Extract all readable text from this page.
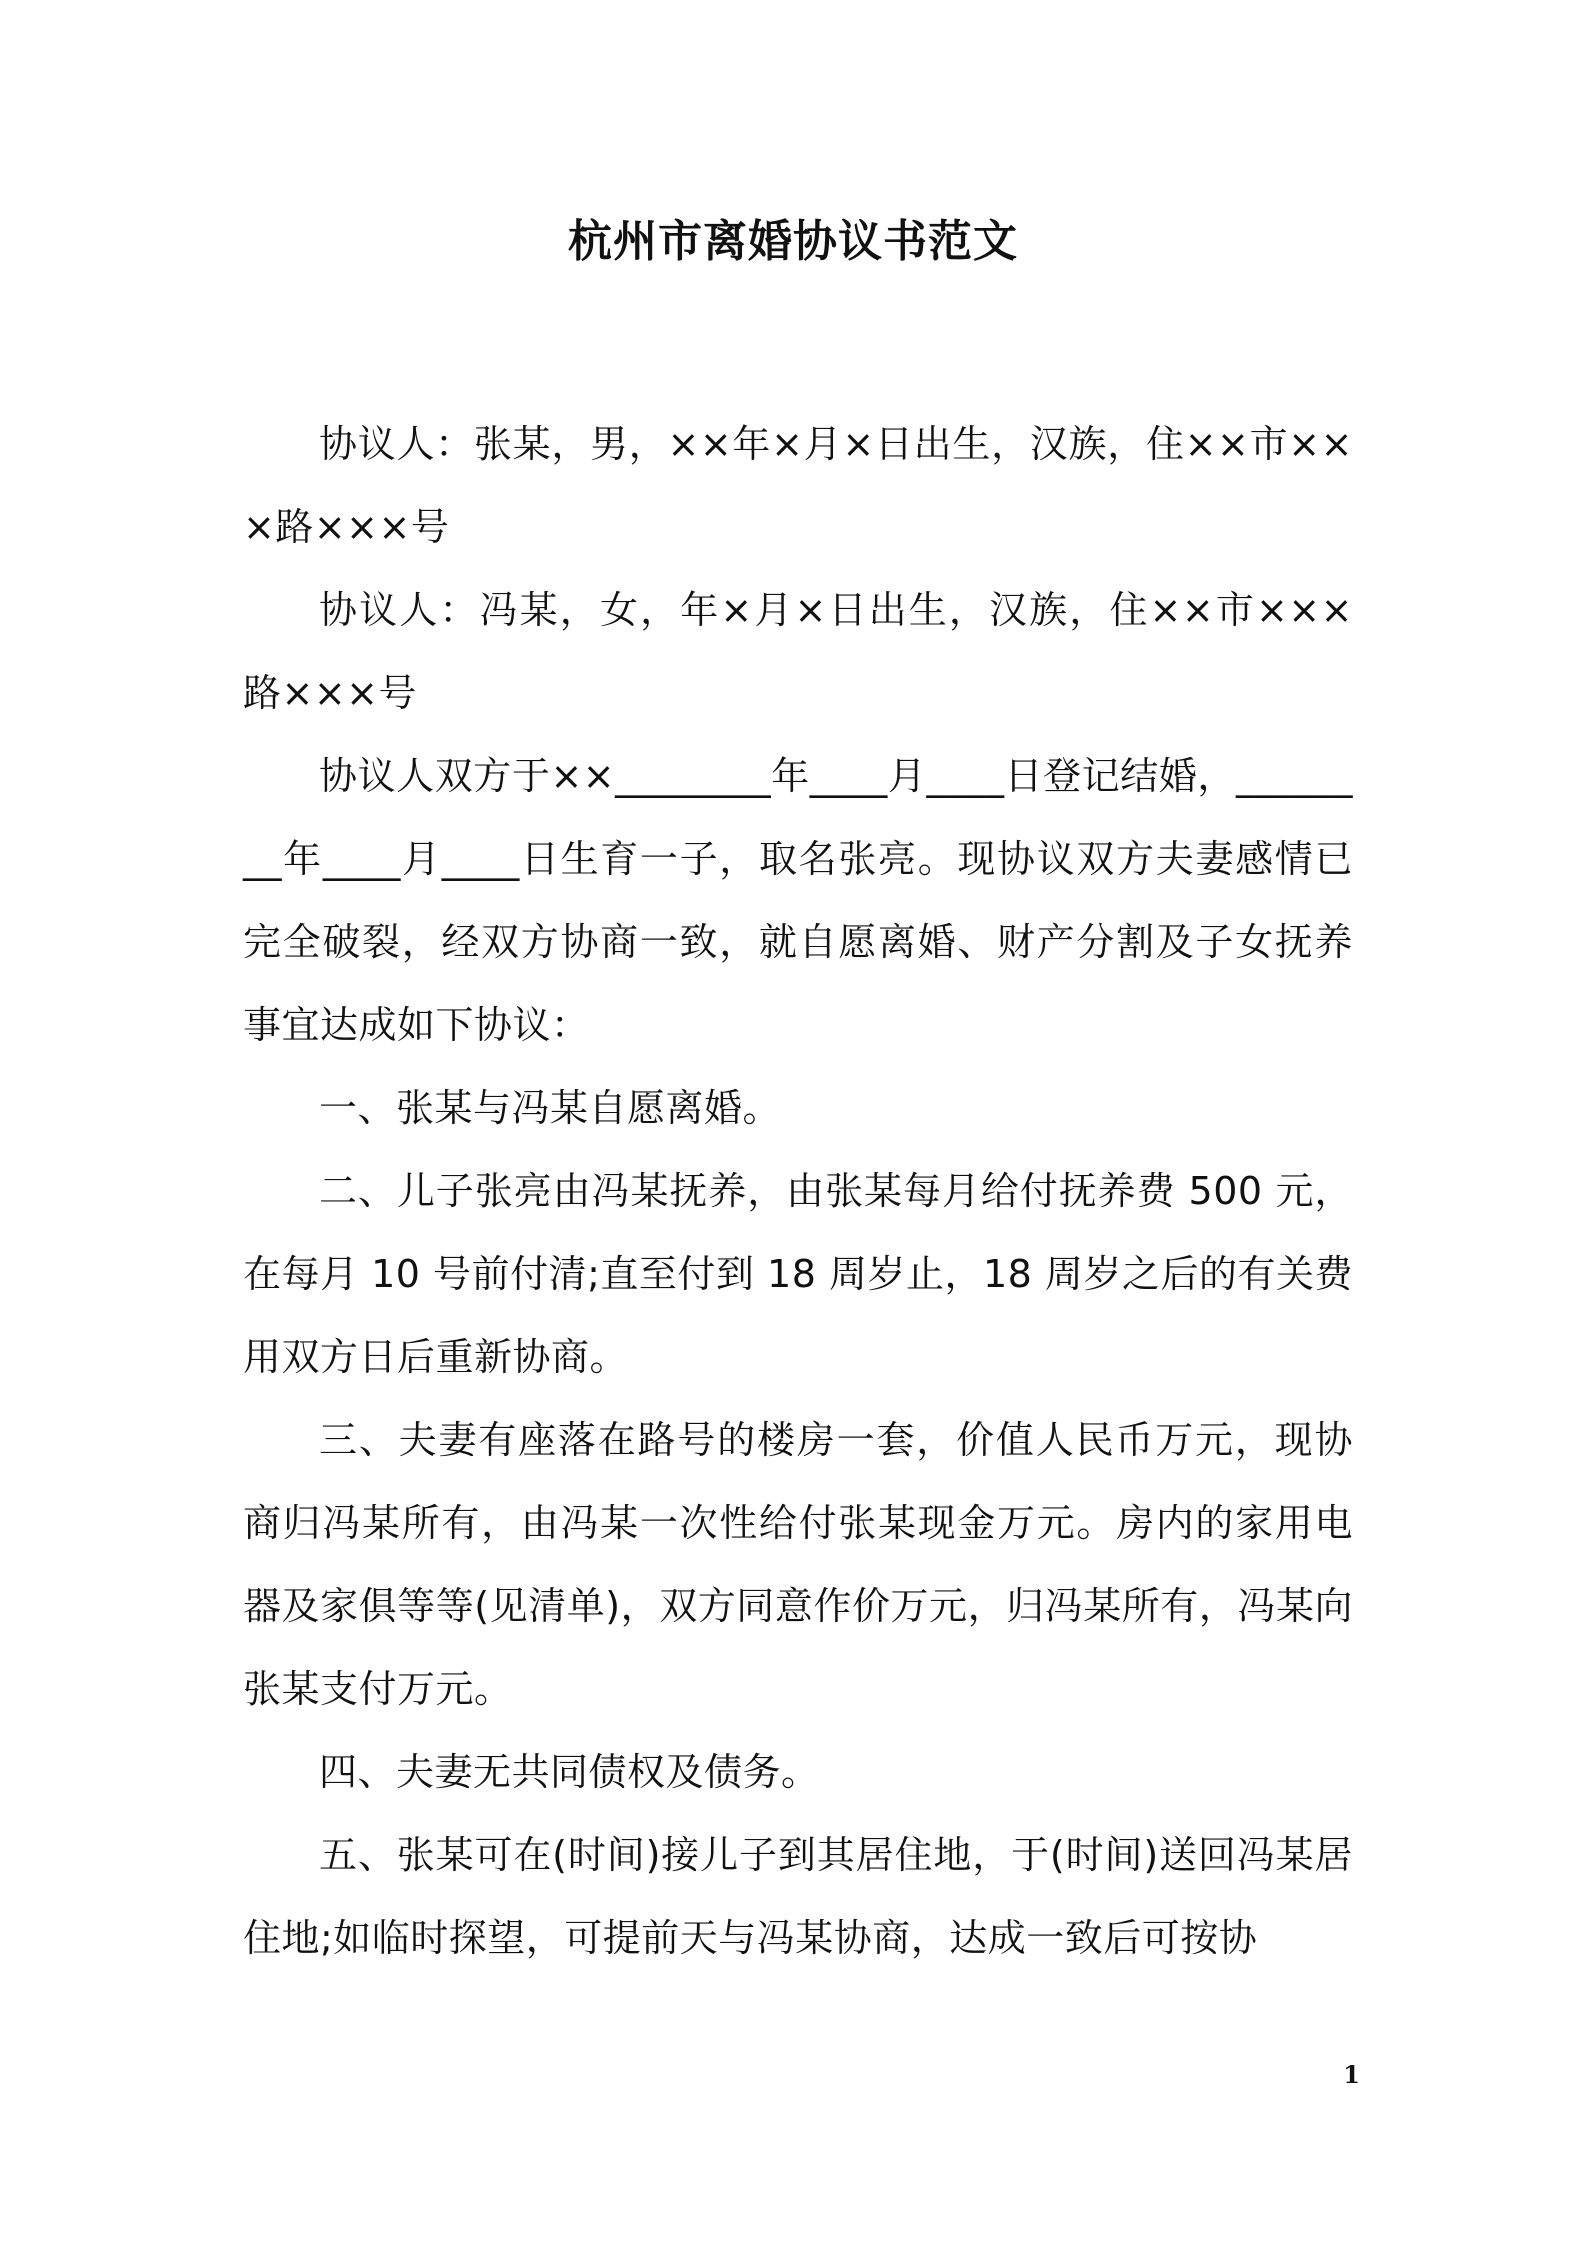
杭州市离婚协议书范文

协议人：张某，男，××年×月×日出生，汉族，住××市×××路×××号

协议人：冯某，女，年×月×日出生，汉族，住××市×××路×××号

协议人双方于××________年____月____日登记结婚，________年____月____日生育一子，取名张亮。现协议双方夫妻感情已完全破裂，经双方协商一致，就自愿离婚、财产分割及子女抚养事宜达成如下协议：

一、张某与冯某自愿离婚。

二、儿子张亮由冯某抚养，由张某每月给付抚养费 500 元，在每月 10 号前付清;直至付到 18 周岁止，18 周岁之后的有关费用双方日后重新协商。

三、夫妻有座落在路号的楼房一套，价值人民币万元，现协商归冯某所有，由冯某一次性给付张某现金万元。房内的家用电器及家俱等等(见清单)，双方同意作价万元，归冯某所有，冯某向张某支付万元。

四、夫妻无共同债权及债务。

五、张某可在(时间)接儿子到其居住地，于(时间)送回冯某居住地;如临时探望，可提前天与冯某协商，达成一致后可按协

1
